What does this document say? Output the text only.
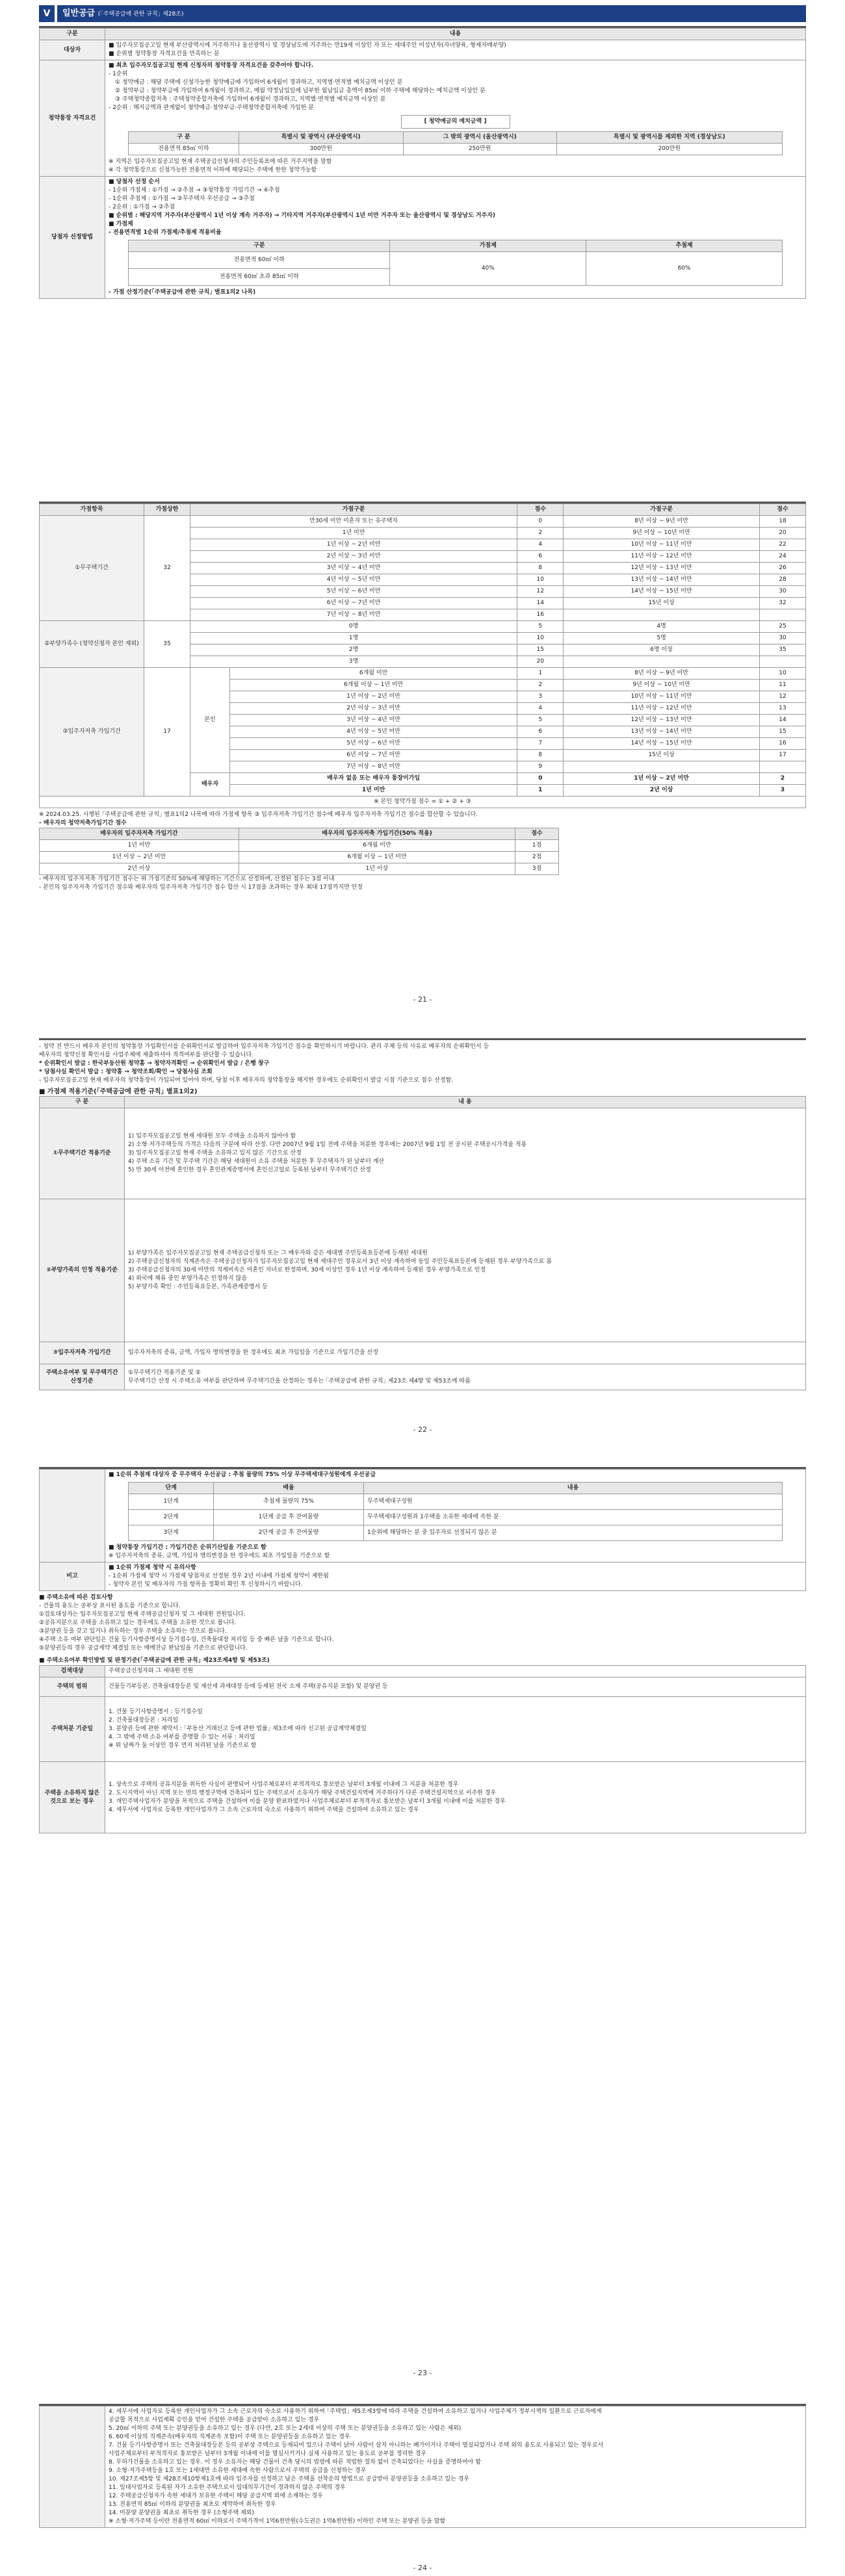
V	일반공급 (｢주택공급에 관한 규칙｣ 제28조)
구분	내용
대상자	
■ 입주자모집공고일 현재 부산광역시에 거주하거나 울산광역시 및 경상남도에 거주하는 만19세 이상인 자 또는 세대주인 미성년자(자녀양육, 형제자매부양)
■ 순위별 청약통장 자격요건을 만족하는 분

청약통장 자격요건	
■ 최초 입주자모집공고일 현재 신청자의 청약통장 자격요건을 갖추어야 합니다.
- 1순위
① 청약예금 : 해당 주택에 신청가능한 청약예금에 가입하여 6개월이 경과하고, 지역별·면적별 예치금액 이상인 분
② 청약부금 : 청약부금에 가입하여 6개월이 경과하고, 매월 약정납입일에 납부한 월납입금 총액이 85㎡ 이하 주택에 해당하는 예치금액 이상인 분
③ 주택청약종합저축 : 주택청약종합저축에 가입하여 6개월이 경과하고, 지역별·면적별 예치금액 이상인 분
- 2순위 : 해지금액과 관계없이 청약예금·청약부금·주택청약종합저축에 가입한 분
[ 청약예금의 예치금액 ]
구 분	특별시 및 광역시 (부산광역시)	그 밖의 광역시 (울산광역시)	특별시 및 광역시를 제외한 지역 (경상남도)
전용면적 85㎡ 이하	300만원	250만원	200만원
※ 지역은 입주자모집공고일 현재 주택공급신청자의 주민등록표에 따른 거주지역을 말함
※ 각 청약통장으로 신청가능한 전용면적 이하에 해당되는 주택에 한한 청약가능함

당첨자 선정방법	
■ 당첨자 선정 순서
- 1순위 가점제 : ①가점 → ②추첨 → ③청약통장 가입기간 → ④추첨
- 1순위 추첨제 : ①가점 → ②무주택자 우선공급 → ③추첨
- 2순위 : ①가점 → ②추첨
■ 순위별 : 해당지역 거주자(부산광역시 1년 이상 계속 거주자) → 기타지역 거주자(부산광역시 1년 미만 거주자 또는 울산광역시 및 경상남도 거주자)
■ 가점제
- 전용면적별 1순위 가점제/추첨제 적용비율
구분	가점제	추첨제
전용면적 60㎡ 이하	40%	60%
전용면적 60㎡ 초과 85㎡ 이하
- 가점 산정기준(｢주택공급에 관한 규칙｣ 별표1의2 나목)
가점항목	가점상한	가점구분		점수	가점구분	점수
①무주택기간	32	만30세 미만 미혼자 또는 유주택자		0	8년 이상 ~ 9년 미만	18
		1년 미만		2	9년 이상 ~ 10년 미만	20
		1년 이상 ~ 2년 미만		4	10년 이상 ~ 11년 미만	22
		2년 이상 ~ 3년 미만		6	11년 이상 ~ 12년 미만	24
		3년 이상 ~ 4년 미만		8	12년 이상 ~ 13년 미만	26
		4년 이상 ~ 5년 미만		10	13년 이상 ~ 14년 미만	28
		5년 이상 ~ 6년 미만		12	14년 이상 ~ 15년 미만	30
		6년 이상 ~ 7년 미만		14	15년 이상	32
		7년 이상 ~ 8년 미만		16		
②부양가족수 (청약신청자 본인 제외)	35	0명		5	4명	25
		1명		10	5명	30
		2명		15	6명 이상	35
		3명		20		
③입주자저축 가입기간	17	본인	6개월 미만	1	8년 이상 ~ 9년 미만	10
			6개월 이상 ~ 1년 미만	2	9년 이상 ~ 10년 미만	11
			1년 이상 ~ 2년 미만	3	10년 이상 ~ 11년 미만	12
			2년 이상 ~ 3년 미만	4	11년 이상 ~ 12년 미만	13
			3년 이상 ~ 4년 미만	5	12년 이상 ~ 13년 미만	14
			4년 이상 ~ 5년 미만	6	13년 이상 ~ 14년 미만	15
			5년 이상 ~ 6년 미만	7	14년 이상 ~ 15년 미만	16
			6년 이상 ~ 7년 미만	8	15년 이상	17
			7년 이상 ~ 8년 미만	9		
		배우자	배우자 없음 또는 배우자 통장미가입	0	1년 이상 ~ 2년 미만	2
			1년 미만	1	2년 이상	3
※ 본인 청약가점 점수 = ① + ② + ③						
※ 2024.03.25. 시행된 ｢주택공급에 관한 규칙｣ 별표1의2 나목에 따라 가점제 항목 ③ 입주자저축 가입기간 점수에 배우자 입주자저축 가입기간 점수를 합산할 수 있습니다.
- 배우자의 청약저축가입기간 점수
배우자의 입주자저축 가입기간	배우자의 입주자저축 가입기간(50% 적용)	점수
1년 미만	6개월 미만	1점
1년 이상 ~ 2년 미만	6개월 이상 ~ 1년 미만	2점
2년 이상	1년 이상	3점
- 배우자의 입주자저축 가입기간 점수는 위 가점기준의 50%에 해당하는 기간으로 산정하며, 산정된 점수는 3점 이내
- 본인의 입주자저축 가입기간 점수와 배우자의 입주자저축 가입기간 점수 합산 시 17점을 초과하는 경우 최대 17점까지만 인정
- 21 -
- 청약 전 반드시 배우자 본인의 청약통장 가입확인서를 순위확인서로 발급하여 입주자저축 가입기간 점수를 확인하시기 바랍니다. 관리 주체 등의 사유로 배우자의 순위확인서 등
배우자의 청약신청 확인서를 사업주체에 제출하셔야 적격여부를 판단할 수 있습니다.
* 순위확인서 발급 : 한국부동산원 청약홈 → 청약자격확인 → 순위확인서 발급 / 은행 창구
* 당첨사실 확인서 발급 : 청약홈 → 청약조회/확인 → 당첨사실 조회
- 입주자모집공고일 현재 배우자의 청약통장이 가입되어 있어야 하며, 당첨 이후 배우자의 청약통장을 해지한 경우에도 순위확인서 발급 시점 기준으로 점수 산정함.
■ 가점제 적용기준(｢주택공급에 관한 규칙｣ 별표1의2)
구 분	내 용
①무주택기간 적용기준	1) 입주자모집공고일 현재 세대원 모두 주택을 소유하지 않아야 함
2) 소형·저가주택등의 가격은 다음의 구분에 따라 산정. 다만 2007년 9월 1일 전에 주택을 처분한 경우에는 2007년 9월 1일 전 공시된 주택공시가격을 적용
3) 입주자모집공고일 현재 주택을 소유하고 있지 않은 기간으로 산정
4) 주택 소유 기간 및 무주택 기간은 해당 세대원이 소유 주택을 처분한 후 무주택자가 된 날부터 계산
5) 만 30세 이전에 혼인한 경우 혼인관계증명서에 혼인신고일로 등록된 날부터 무주택기간 산정

②부양가족의 인정 적용기준	1) 부양가족은 입주자모집공고일 현재 주택공급신청자 또는 그 배우자와 같은 세대별 주민등록표등본에 등재된 세대원
2) 주택공급신청자의 직계존속은 주택공급신청자가 입주자모집공고일 현재 세대주인 경우로서 3년 이상 계속하여 동일 주민등록표등본에 등재된 경우 부양가족으로 봄
3) 주택공급신청자의 30세 미만의 직계비속은 미혼인 자녀로 한정하며, 30세 이상인 경우 1년 이상 계속하여 등재된 경우 부양가족으로 인정
4) 외국에 체류 중인 부양가족은 인정하지 않음
5) 부양가족 확인 : 주민등록표등본, 가족관계증명서 등

③입주자저축 가입기간	입주자저축의 종류, 금액, 가입자 명의변경을 한 경우에도 최초 가입일을 기준으로 가입기간을 산정

주택소유여부 및 무주택기간 산정기준	①무주택기간 적용기준 및 ②
무주택기간 산정 시 주택소유 여부를 판단하며 무주택기간을 산정하는 경우는 ｢주택공급에 관한 규칙｣ 제23조 제4항 및 제53조에 따름
- 22 -

■ 1순위 추첨제 대상자 중 무주택자 우선공급 : 추첨 물량의 75% 이상 무주택세대구성원에게 우선공급
단계	배율	내용
1단계	추첨제 물량의 75%	무주택세대구성원
2단계	1단계 공급 후 잔여물량	무주택세대구성원과 1주택을 소유한 세대에 속한 분
3단계	2단계 공급 후 잔여물량	1순위에 해당하는 분 중 입주자로 선정되지 않은 분
■ 청약통장 가입기간 : 가입기간은 순위기산일을 기준으로 함
※ 입주자저축의 종류, 금액, 가입자 명의변경을 한 경우에도 최초 가입일을 기준으로 함

비고	
■ 1순위 가점제 청약 시 유의사항
- 1순위 가점제 청약 시 가점제 당첨자로 선정된 경우 2년 이내에 가점제 청약이 제한됨
- 청약자 본인 및 배우자의 가점 항목을 정확히 확인 후 신청하시기 바랍니다.
■ 주택소유에 따른 검토사항
- 건물의 용도는 공부상 표시된 용도를 기준으로 합니다.
①검토대상자는 입주자모집공고일 현재 주택공급신청자 및 그 세대원 전원입니다.
②공유지분으로 주택을 소유하고 있는 경우에도 주택을 소유한 것으로 봅니다.
③분양권 등을 갖고 있거나 취득하는 경우 주택을 소유하는 것으로 봅니다.
④주택 소유 여부 판단일은 건물 등기사항증명서상 등기접수일, 건축물대장 처리일 등 중 빠른 날을 기준으로 합니다.
⑤분양권등의 경우 공급계약 체결일 또는 매매잔금 완납일을 기준으로 판단합니다.
■ 주택소유여부 확인방법 및 판정기준(｢주택공급에 관한 규칙｣ 제23조제4항 및 제53조)
검색대상	주택공급신청자와 그 세대원 전원
주택의 범위	건물등기부등본, 건축물대장등본 및 재산세 과세대장 등에 등재된 전국 소재 주택(공유지분 포함) 및 분양권 등

주택처분 기준일	1. 건물 등기사항증명서 : 등기접수일
2. 건축물대장등본 : 처리일
3. 분양권 등에 관한 계약서 : ｢부동산 거래신고 등에 관한 법률｣ 제3조에 따라 신고된 공급계약체결일
4. 그 밖에 주택 소유 여부를 증명할 수 있는 서류 : 처리일
※ 위 날짜가 둘 이상인 경우 먼저 처리된 날을 기준으로 함

주택을 소유하지 않은 것으로 보는 경우	1. 상속으로 주택의 공유지분을 취득한 사실이 판명되어 사업주체로부터 부적격자로 통보받은 날부터 3개월 이내에 그 지분을 처분한 경우
2. 도시지역이 아닌 지역 또는 면의 행정구역에 건축되어 있는 주택으로서 소유자가 해당 주택건설지역에 거주하다가 다른 주택건설지역으로 이주한 경우
3. 개인주택사업자가 분양을 목적으로 주택을 건설하여 이를 분양 완료하였거나 사업주체로부터 부적격자로 통보받은 날부터 3개월 이내에 이를 처분한 경우
4. 세무서에 사업자로 등록한 개인사업자가 그 소속 근로자의 숙소로 사용하기 위하여 주택을 건설하여 소유하고 있는 경우
- 23 -

4. 세무서에 사업자로 등록한 개인사업자가 그 소속 근로자의 숙소로 사용하기 위하여 ｢주택법｣ 제5조제3항에 따라 주택을 건설하여 소유하고 있거나 사업주체가 정부시책의 일환으로 근로자에게
공급할 목적으로 사업계획 승인을 얻어 건설한 주택을 공급받아 소유하고 있는 경우
5. 20㎡ 이하의 주택 또는 분양권등을 소유하고 있는 경우 (다만, 2호 또는 2세대 이상의 주택 또는 분양권등을 소유하고 있는 사람은 제외)
6. 60세 이상의 직계존속(배우자의 직계존속 포함)이 주택 또는 분양권등을 소유하고 있는 경우
7. 건물 등기사항증명서 또는 건축물대장등본 등의 공부상 주택으로 등재되어 있으나 주택이 낡아 사람이 살지 아니하는 폐가이거나 주택이 멸실되었거나 주택 외의 용도로 사용되고 있는 경우로서
사업주체로부터 부적격자로 통보받은 날부터 3개월 이내에 이를 멸실시키거나 실제 사용하고 있는 용도로 공부를 정리한 경우
8. 무허가건물을 소유하고 있는 경우. 이 경우 소유자는 해당 건물이 건축 당시의 법령에 따른 적법한 절차 없이 건축되었다는 사실을 증명하여야 함
9. 소형·저가주택등을 1호 또는 1세대만 소유한 세대에 속한 사람으로서 주택의 공급을 신청하는 경우
10. 제27조제5항 및 제28조제10항제1호에 따라 입주자를 선정하고 남은 주택을 선착순의 방법으로 공급받아 분양권등을 소유하고 있는 경우
11. 임대사업자로 등록된 자가 소유한 주택으로서 임대의무기간이 경과하지 않은 주택의 경우
12. 주택공급신청자가 속한 세대가 보유한 주택이 해당 공급지역 외에 소재하는 경우
13. 전용면적 85㎡ 이하의 분양권을 최초로 계약하여 취득한 경우
14. 미분양 분양권을 최초로 취득한 경우 (소형주택 제외)
※ 소형·저가주택 등이란 전용면적 60㎡ 이하로서 주택가격이 1억6천만원(수도권은 1억6천만원) 이하인 주택 또는 분양권 등을 말함
- 24 -
